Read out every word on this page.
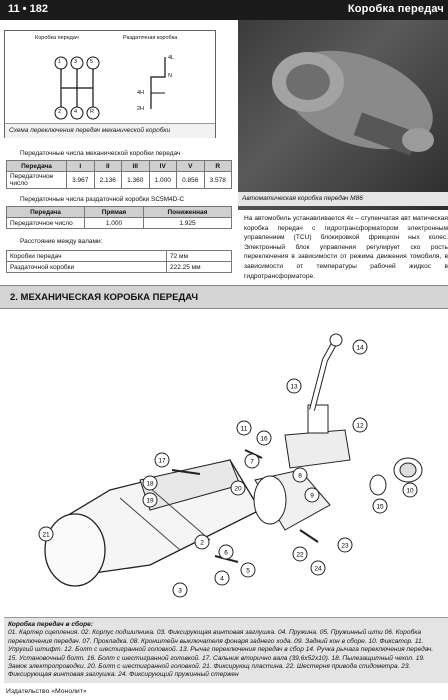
11 • 182	Коробка передач
Коробка передач	Раздаточная коробка
1 3 5
2 4 R
4L
N
4H
2H
Схема переключения передач механической коробки
Автоматическая коробка передач М86
Передаточные числа механической коробки передач
Передача	I	II	III	IV	V	R
Передаточное число	3.967	2.136	1.360	1.000	0.856	3.578
Передаточные числа раздаточной коробки SC5M4D-C
Передача	Прямая	Пониженная
Передаточное число	1.000	1.925
Расстояние между валами:
Коробки передач	72 мм
Раздаточной коробки	222.25 мм
На автомобиль устанавливается 4х – ступенчатая авт матическая коробка передач с гидротрансформатором электронным управлением (TCU) блокировкой фрикцион ных колес. Электронный блок управления регулирует ско рость переключения в зависимости от режима движения томобиля, в зависимости от температуры рабочей жидкос в гидротрансформаторе.
2. МЕХАНИЧЕСКАЯ КОРОБКА ПЕРЕДАЧ
14
13
11	12
7
8
9
10
15
16
17
18
19
20
22
23
24
21
2
3
4
5
6
Коробка передач в сборе:
01. Картер сцепления. 02. Корпус подшипника. 03. Фиксирующая винтовая заглушка. 04. Пружина. 05. Пружинный шти 06. Коробка переключения передач. 07. Прокладка. 08. Кронштейн выключателя фонаря заднего хода. 09. Задний кон в сборе. 10. Фиксатор. 11. Упругий штифт. 12. Болт с шестигранной головкой. 13. Рычаг переключения передач в сбор 14. Ручка рычага переключения передач. 15. Установочный болт. 16. Болт с шестигранной головкой. 17. Сальник вторично вала (39,6х52х10). 18. Пылезащитный чехол. 19. Замок электропроводки. 20. Болт с шестигранной головкой. 21. Фиксирующ пластина. 22. Шестерня привода спидометра. 23. Фиксирующая винтовая заглушка. 24. Фиксирующий пружинный стержен
Издательство «Монолит»
